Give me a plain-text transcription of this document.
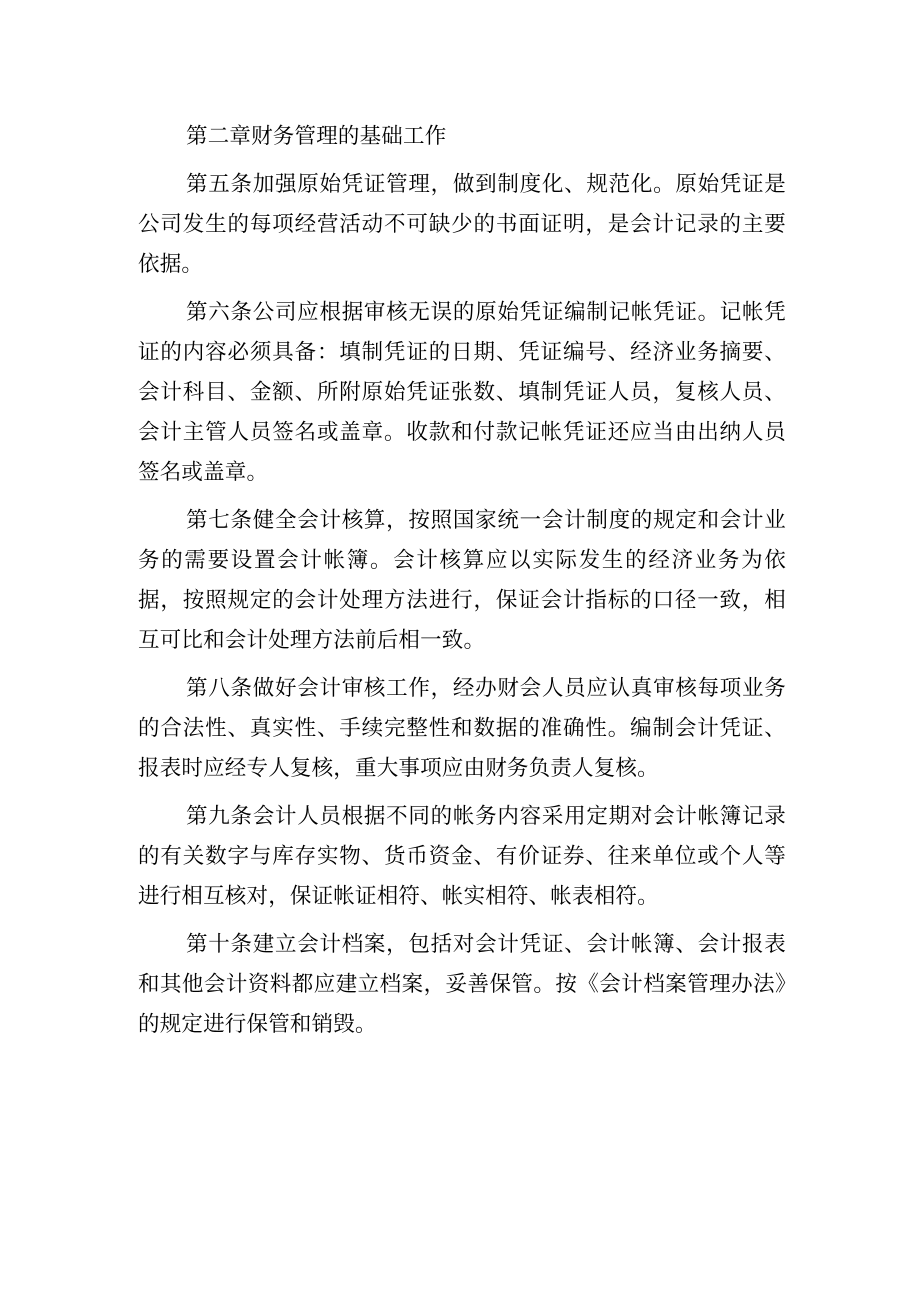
第二章财务管理的基础工作

第五条加强原始凭证管理，做到制度化、规范化。原始凭证是公司发生的每项经营活动不可缺少的书面证明，是会计记录的主要依据。

第六条公司应根据审核无误的原始凭证编制记帐凭证。记帐凭证的内容必须具备：填制凭证的日期、凭证编号、经济业务摘要、会计科目、金额、所附原始凭证张数、填制凭证人员，复核人员、会计主管人员签名或盖章。收款和付款记帐凭证还应当由出纳人员签名或盖章。

第七条健全会计核算，按照国家统一会计制度的规定和会计业务的需要设置会计帐簿。会计核算应以实际发生的经济业务为依据，按照规定的会计处理方法进行，保证会计指标的口径一致，相互可比和会计处理方法前后相一致。

第八条做好会计审核工作，经办财会人员应认真审核每项业务的合法性、真实性、手续完整性和数据的准确性。编制会计凭证、报表时应经专人复核，重大事项应由财务负责人复核。

第九条会计人员根据不同的帐务内容采用定期对会计帐簿记录的有关数字与库存实物、货币资金、有价证券、往来单位或个人等进行相互核对，保证帐证相符、帐实相符、帐表相符。

第十条建立会计档案，包括对会计凭证、会计帐簿、会计报表和其他会计资料都应建立档案，妥善保管。按《会计档案管理办法》的规定进行保管和销毁。
